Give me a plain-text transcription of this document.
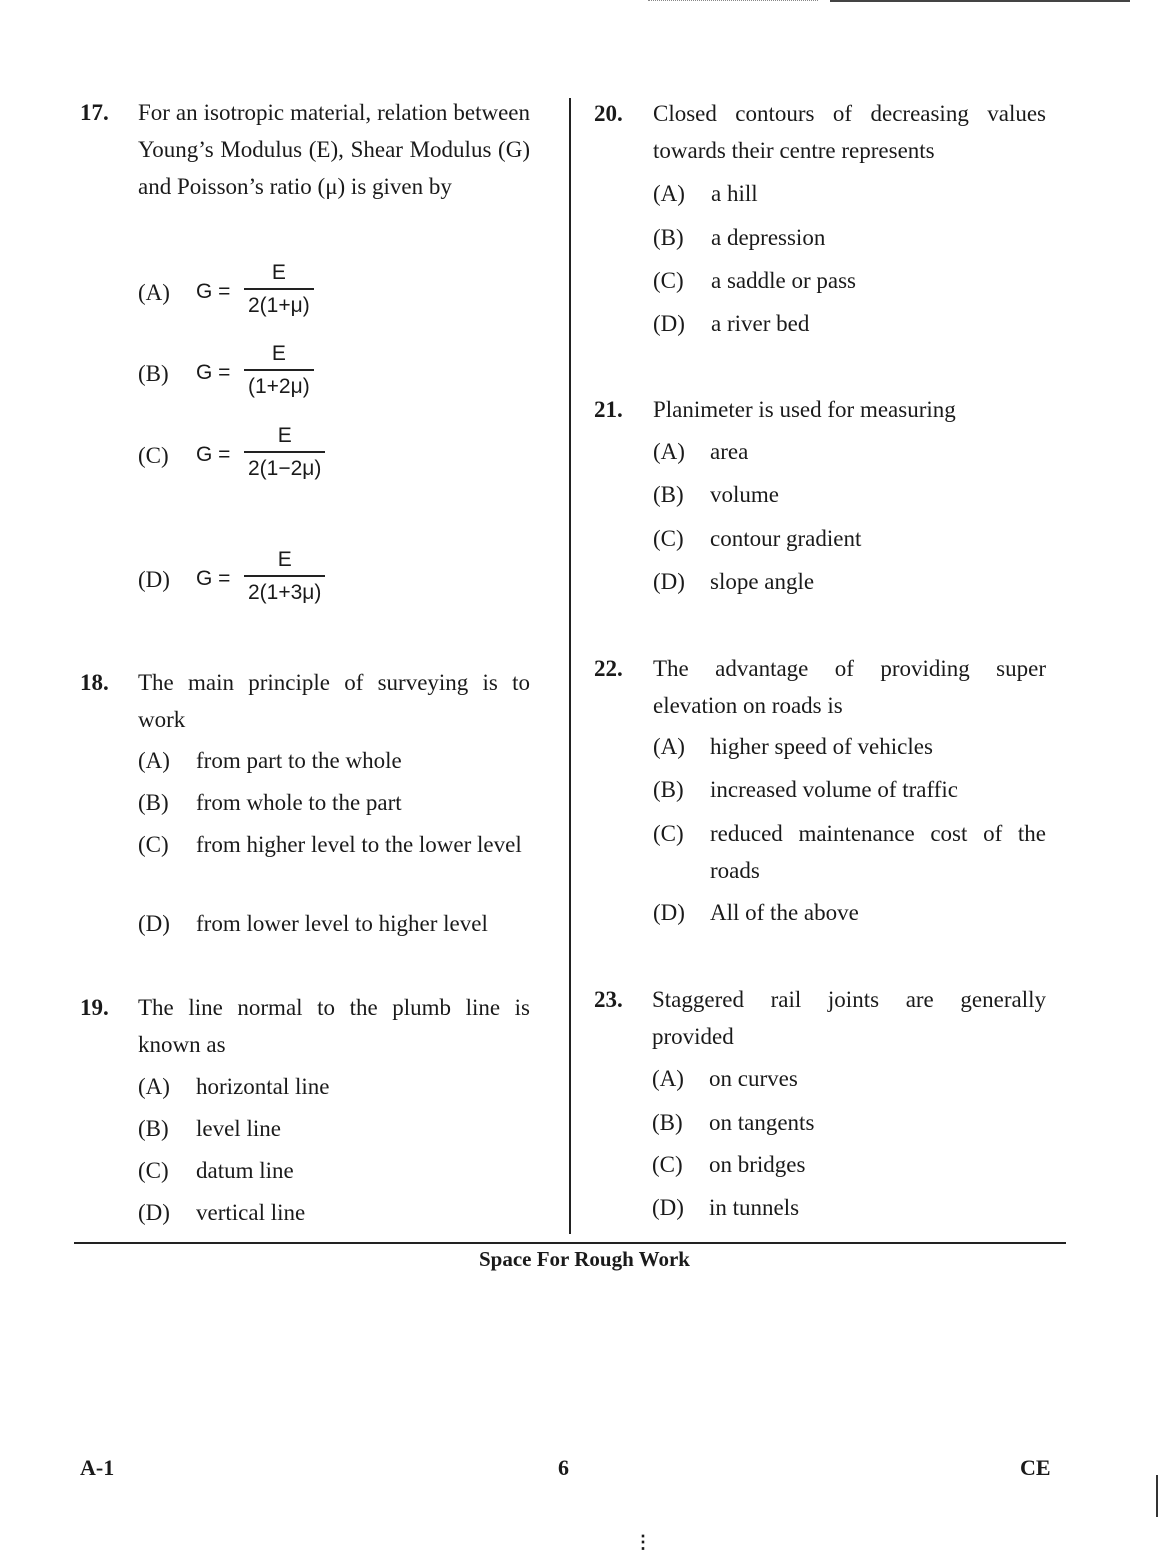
17. For an isotropic material, relation between Young’s Modulus (E), Shear Modulus (G) and Poisson’s ratio (μ) is given by
(A) G =
E
2(1+μ)
(B) G =
E
(1+2μ)
(C) G =
E
2(1−2μ)
(D) G =
E
2(1+3μ)
18. The main principle of surveying is to work
(A) from part to the whole
(B) from whole to the part
(C) from higher level to the lower level
(D) from lower level to higher level
19. The line normal to the plumb line is known as
(A) horizontal line
(B) level line
(C) datum line
(D) vertical line
20. Closed contours of decreasing values towards their centre represents
(A) a hill
(B) a depression
(C) a saddle or pass
(D) a river bed
21. Planimeter is used for measuring
(A) area
(B) volume
(C) contour gradient
(D) slope angle
22. The advantage of providing super elevation on roads is
(A) higher speed of vehicles
(B) increased volume of traffic
(C) reduced maintenance cost of the roads
(D) All of the above
23. Staggered rail joints are generally provided
(A) on curves
(B) on tangents
(C) on bridges
(D) in tunnels
Space For Rough Work
A-1	6	CE
⋮
